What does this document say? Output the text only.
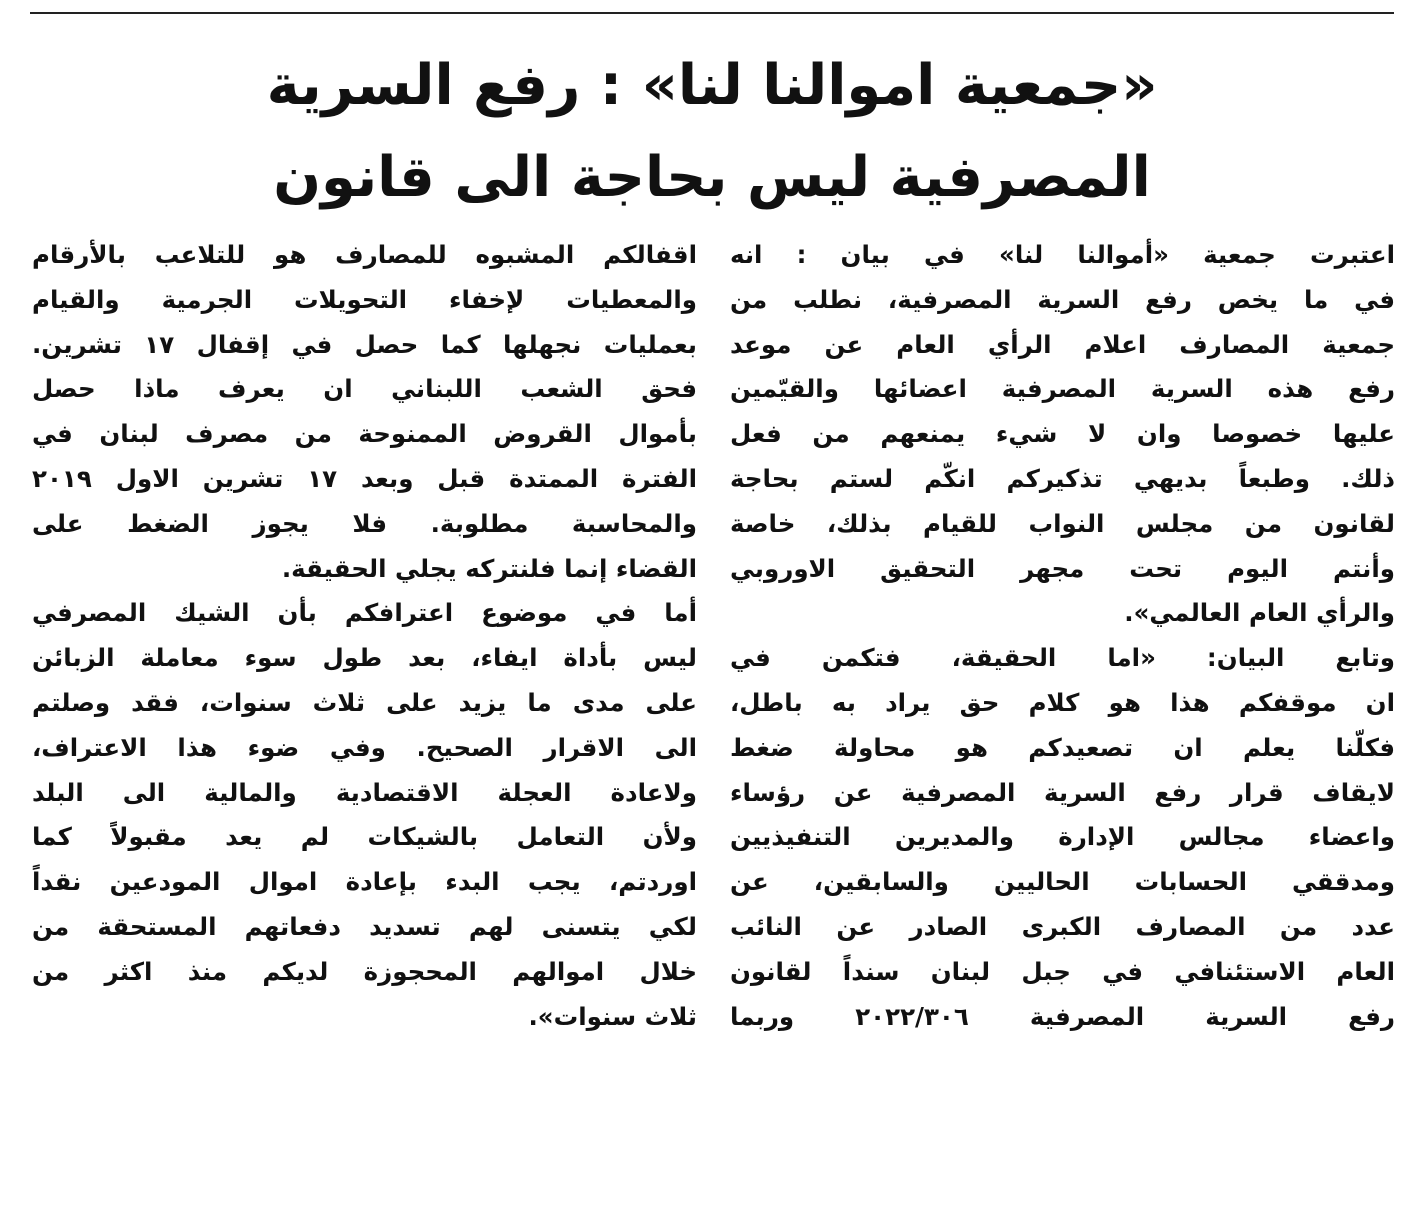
«جمعية اموالنا لنا» : رفع السرية
المصرفية ليس بحاجة الى قانون

اعتبرت جمعية «أموالنا لنا» في بيان : انه
في ما يخص رفع السرية المصرفية، نطلب من
جمعية المصارف اعلام الرأي العام عن موعد
رفع هذه السرية المصرفية اعضائها والقيّمين
عليها خصوصا وان لا شيء يمنعهم من فعل
ذلك. وطبعاً بديهي تذكيركم انكّم لستم بحاجة
لقانون من مجلس النواب للقيام بذلك، خاصة
وأنتم اليوم تحت مجهر التحقيق الاوروبي
والرأي العام العالمي».

وتابع البيان: «اما الحقيقة، فتكمن في
ان موقفكم هذا هو كلام حق يراد به باطل،
فكلّنا يعلم ان تصعيدكم هو محاولة ضغط
لايقاف قرار رفع السرية المصرفية عن رؤساء
واعضاء مجالس الإدارة والمديرين التنفيذيين
ومدققي الحسابات الحاليين والسابقين، عن
عدد من المصارف الكبرى الصادر عن النائب
العام الاستئنافي في جبل لبنان سنداً لقانون
رفع السرية المصرفية ٢٠٢٢/٣٠٦ وربما

اقفالكم المشبوه للمصارف هو للتلاعب بالأرقام
والمعطيات لإخفاء التحويلات الجرمية والقيام
بعمليات نجهلها كما حصل في إقفال ١٧ تشرين.
فحق الشعب اللبناني ان يعرف ماذا حصل
بأموال القروض الممنوحة من مصرف لبنان في
الفترة الممتدة قبل وبعد ١٧ تشرين الاول ٢٠١٩
والمحاسبة مطلوبة. فلا يجوز الضغط على
القضاء إنما فلنتركه يجلي الحقيقة.

أما في موضوع اعترافكم بأن الشيك المصرفي
ليس بأداة ايفاء، بعد طول سوء معاملة الزبائن
على مدى ما يزيد على ثلاث سنوات، فقد وصلتم
الى الاقرار الصحيح. وفي ضوء هذا الاعتراف،
ولاعادة العجلة الاقتصادية والمالية الى البلد
ولأن التعامل بالشيكات لم يعد مقبولاً كما
اوردتم، يجب البدء بإعادة اموال المودعين نقداً
لكي يتسنى لهم تسديد دفعاتهم المستحقة من
خلال اموالهم المحجوزة لديكم منذ اكثر من
ثلاث سنوات».
